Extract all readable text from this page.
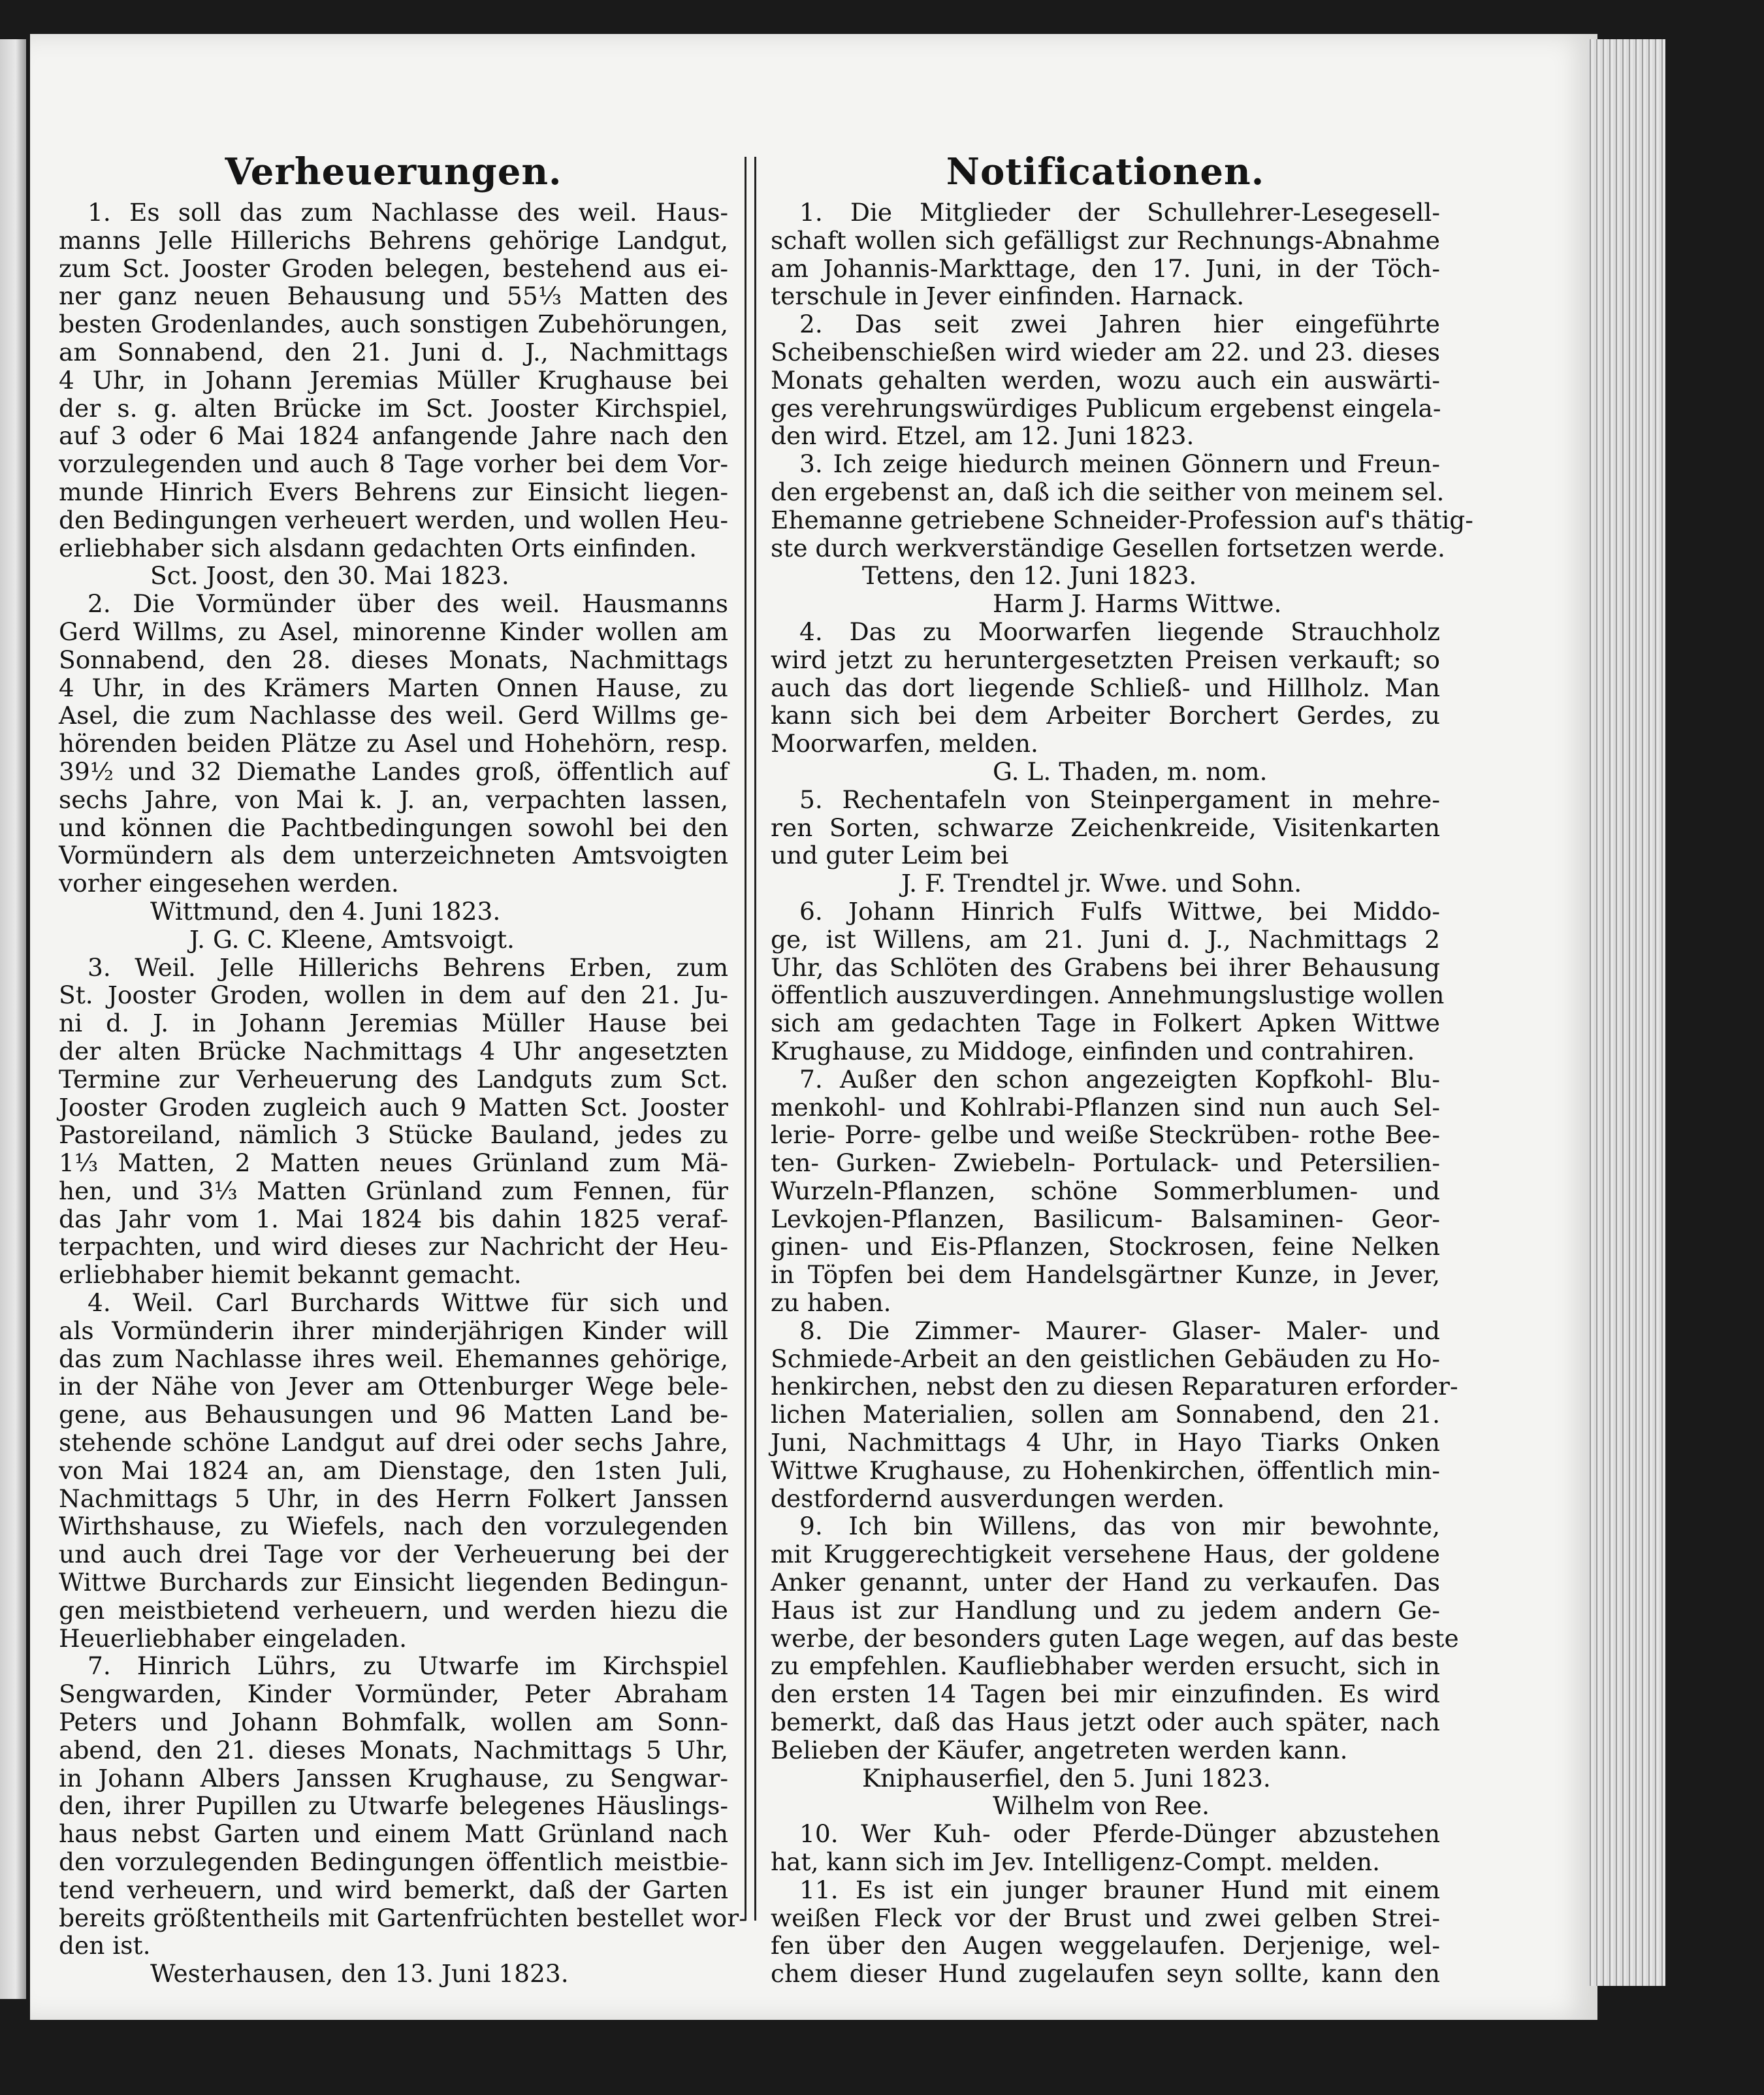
Verheuerungen.
1. Es soll das zum Nachlasse des weil. Haus-
manns Jelle Hillerichs Behrens gehörige Landgut,
zum Sct. Jooster Groden belegen, bestehend aus ei-
ner ganz neuen Behausung und 55⅓ Matten des
besten Grodenlandes, auch sonstigen Zubehörungen,
am Sonnabend, den 21. Juni d. J., Nachmittags
4 Uhr, in Johann Jeremias Müller Krughause bei
der s. g. alten Brücke im Sct. Jooster Kirchspiel,
auf 3 oder 6 Mai 1824 anfangende Jahre nach den
vorzulegenden und auch 8 Tage vorher bei dem Vor-
munde Hinrich Evers Behrens zur Einsicht liegen-
den Bedingungen verheuert werden, und wollen Heu-
erliebhaber sich alsdann gedachten Orts einfinden.
Sct. Joost, den 30. Mai 1823.
2. Die Vormünder über des weil. Hausmanns
Gerd Willms, zu Asel, minorenne Kinder wollen am
Sonnabend, den 28. dieses Monats, Nachmittags
4 Uhr, in des Krämers Marten Onnen Hause, zu
Asel, die zum Nachlasse des weil. Gerd Willms ge-
hörenden beiden Plätze zu Asel und Hohehörn, resp.
39½ und 32 Diemathe Landes groß, öffentlich auf
sechs Jahre, von Mai k. J. an, verpachten lassen,
und können die Pachtbedingungen sowohl bei den
Vormündern als dem unterzeichneten Amtsvoigten
vorher eingesehen werden.
Wittmund, den 4. Juni 1823.
J. G. C. Kleene, Amtsvoigt.
3. Weil. Jelle Hillerichs Behrens Erben, zum
St. Jooster Groden, wollen in dem auf den 21. Ju-
ni d. J. in Johann Jeremias Müller Hause bei
der alten Brücke Nachmittags 4 Uhr angesetzten
Termine zur Verheuerung des Landguts zum Sct.
Jooster Groden zugleich auch 9 Matten Sct. Jooster
Pastoreiland, nämlich 3 Stücke Bauland, jedes zu
1⅓ Matten, 2 Matten neues Grünland zum Mä-
hen, und 3⅓ Matten Grünland zum Fennen, für
das Jahr vom 1. Mai 1824 bis dahin 1825 veraf-
terpachten, und wird dieses zur Nachricht der Heu-
erliebhaber hiemit bekannt gemacht.
4. Weil. Carl Burchards Wittwe für sich und
als Vormünderin ihrer minderjährigen Kinder will
das zum Nachlasse ihres weil. Ehemannes gehörige,
in der Nähe von Jever am Ottenburger Wege bele-
gene, aus Behausungen und 96 Matten Land be-
stehende schöne Landgut auf drei oder sechs Jahre,
von Mai 1824 an, am Dienstage, den 1sten Juli,
Nachmittags 5 Uhr, in des Herrn Folkert Janssen
Wirthshause, zu Wiefels, nach den vorzulegenden
und auch drei Tage vor der Verheuerung bei der
Wittwe Burchards zur Einsicht liegenden Bedingun-
gen meistbietend verheuern, und werden hiezu die
Heuerliebhaber eingeladen.
7. Hinrich Lührs, zu Utwarfe im Kirchspiel
Sengwarden, Kinder Vormünder, Peter Abraham
Peters und Johann Bohmfalk, wollen am Sonn-
abend, den 21. dieses Monats, Nachmittags 5 Uhr,
in Johann Albers Janssen Krughause, zu Sengwar-
den, ihrer Pupillen zu Utwarfe belegenes Häuslings-
haus nebst Garten und einem Matt Grünland nach
den vorzulegenden Bedingungen öffentlich meistbie-
tend verheuern, und wird bemerkt, daß der Garten
bereits größtentheils mit Gartenfrüchten bestellet wor-
den ist.
Westerhausen, den 13. Juni 1823.
Notificationen.
1. Die Mitglieder der Schullehrer-Lesegesell-
schaft wollen sich gefälligst zur Rechnungs-Abnahme
am Johannis-Markttage, den 17. Juni, in der Töch-
terschule in Jever einfinden. Harnack.
2. Das seit zwei Jahren hier eingeführte
Scheibenschießen wird wieder am 22. und 23. dieses
Monats gehalten werden, wozu auch ein auswärti-
ges verehrungswürdiges Publicum ergebenst eingela-
den wird. Etzel, am 12. Juni 1823.
3. Ich zeige hiedurch meinen Gönnern und Freun-
den ergebenst an, daß ich die seither von meinem sel.
Ehemanne getriebene Schneider-Profession auf's thätig-
ste durch werkverständige Gesellen fortsetzen werde.
Tettens, den 12. Juni 1823.
Harm J. Harms Wittwe.
4. Das zu Moorwarfen liegende Strauchholz
wird jetzt zu heruntergesetzten Preisen verkauft; so
auch das dort liegende Schließ- und Hillholz. Man
kann sich bei dem Arbeiter Borchert Gerdes, zu
Moorwarfen, melden.
G. L. Thaden, m. nom.
5. Rechentafeln von Steinpergament in mehre-
ren Sorten, schwarze Zeichenkreide, Visitenkarten
und guter Leim bei
J. F. Trendtel jr. Wwe. und Sohn.
6. Johann Hinrich Fulfs Wittwe, bei Middo-
ge, ist Willens, am 21. Juni d. J., Nachmittags 2
Uhr, das Schlöten des Grabens bei ihrer Behausung
öffentlich auszuverdingen. Annehmungslustige wollen
sich am gedachten Tage in Folkert Apken Wittwe
Krughause, zu Middoge, einfinden und contrahiren.
7. Außer den schon angezeigten Kopfkohl- Blu-
menkohl- und Kohlrabi-Pflanzen sind nun auch Sel-
lerie- Porre- gelbe und weiße Steckrüben- rothe Bee-
ten- Gurken- Zwiebeln- Portulack- und Petersilien-
Wurzeln-Pflanzen, schöne Sommerblumen- und
Levkojen-Pflanzen, Basilicum- Balsaminen- Geor-
ginen- und Eis-Pflanzen, Stockrosen, feine Nelken
in Töpfen bei dem Handelsgärtner Kunze, in Jever,
zu haben.
8. Die Zimmer- Maurer- Glaser- Maler- und
Schmiede-Arbeit an den geistlichen Gebäuden zu Ho-
henkirchen, nebst den zu diesen Reparaturen erforder-
lichen Materialien, sollen am Sonnabend, den 21.
Juni, Nachmittags 4 Uhr, in Hayo Tiarks Onken
Wittwe Krughause, zu Hohenkirchen, öffentlich min-
destfordernd ausverdungen werden.
9. Ich bin Willens, das von mir bewohnte,
mit Kruggerechtigkeit versehene Haus, der goldene
Anker genannt, unter der Hand zu verkaufen. Das
Haus ist zur Handlung und zu jedem andern Ge-
werbe, der besonders guten Lage wegen, auf das beste
zu empfehlen. Kaufliebhaber werden ersucht, sich in
den ersten 14 Tagen bei mir einzufinden. Es wird
bemerkt, daß das Haus jetzt oder auch später, nach
Belieben der Käufer, angetreten werden kann.
Kniphauserfiel, den 5. Juni 1823.
Wilhelm von Ree.
10. Wer Kuh- oder Pferde-Dünger abzustehen
hat, kann sich im Jev. Intelligenz-Compt. melden.
11. Es ist ein junger brauner Hund mit einem
weißen Fleck vor der Brust und zwei gelben Strei-
fen über den Augen weggelaufen. Derjenige, wel-
chem dieser Hund zugelaufen seyn sollte, kann den
